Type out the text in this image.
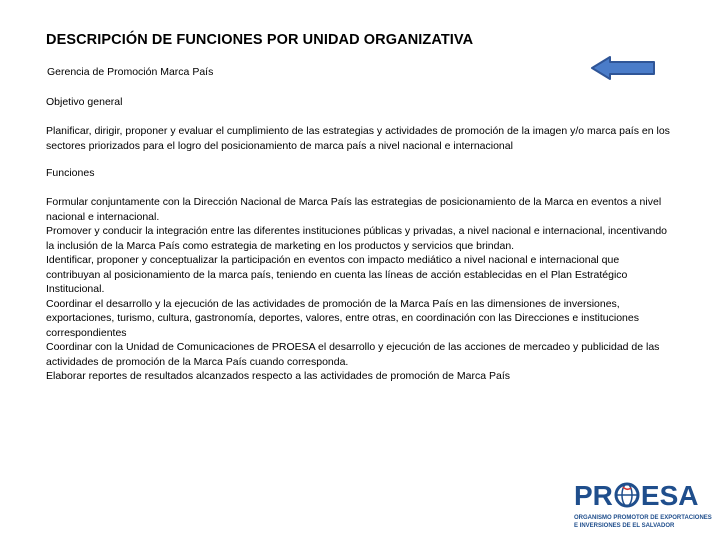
DESCRIPCIÓN DE FUNCIONES POR UNIDAD ORGANIZATIVA
Gerencia de Promoción Marca País
Objetivo general
Planificar, dirigir, proponer y evaluar el cumplimiento de las estrategias y actividades de promoción de la imagen y/o marca país en los sectores priorizados para el logro del posicionamiento de marca país a nivel nacional e internacional
Funciones
Formular conjuntamente con la Dirección Nacional de Marca País las estrategias de posicionamiento de la Marca en eventos a nivel nacional e internacional.
Promover y conducir la integración entre las diferentes instituciones públicas y privadas, a nivel nacional e internacional, incentivando la inclusión de la Marca País como estrategia de marketing en los productos y servicios que brindan.
Identificar, proponer y conceptualizar la participación en eventos con impacto mediático a nivel nacional e internacional que contribuyan al posicionamiento de la marca país, teniendo en cuenta las líneas de acción establecidas en el Plan Estratégico Institucional.
Coordinar el desarrollo y la ejecución de las actividades de promoción de la Marca País en las dimensiones de inversiones, exportaciones, turismo, cultura, gastronomía, deportes, valores, entre otras, en coordinación con las Direcciones e instituciones correspondientes
Coordinar con la Unidad de Comunicaciones de PROESA el desarrollo y ejecución de las acciones de mercadeo y publicidad de las actividades de promoción de la Marca País cuando corresponda.
Elaborar reportes de resultados alcanzados respecto a las actividades de promoción de Marca País
PR ESA
ORGANISMO PROMOTOR DE EXPORTACIONES
E INVERSIONES DE EL SALVADOR
